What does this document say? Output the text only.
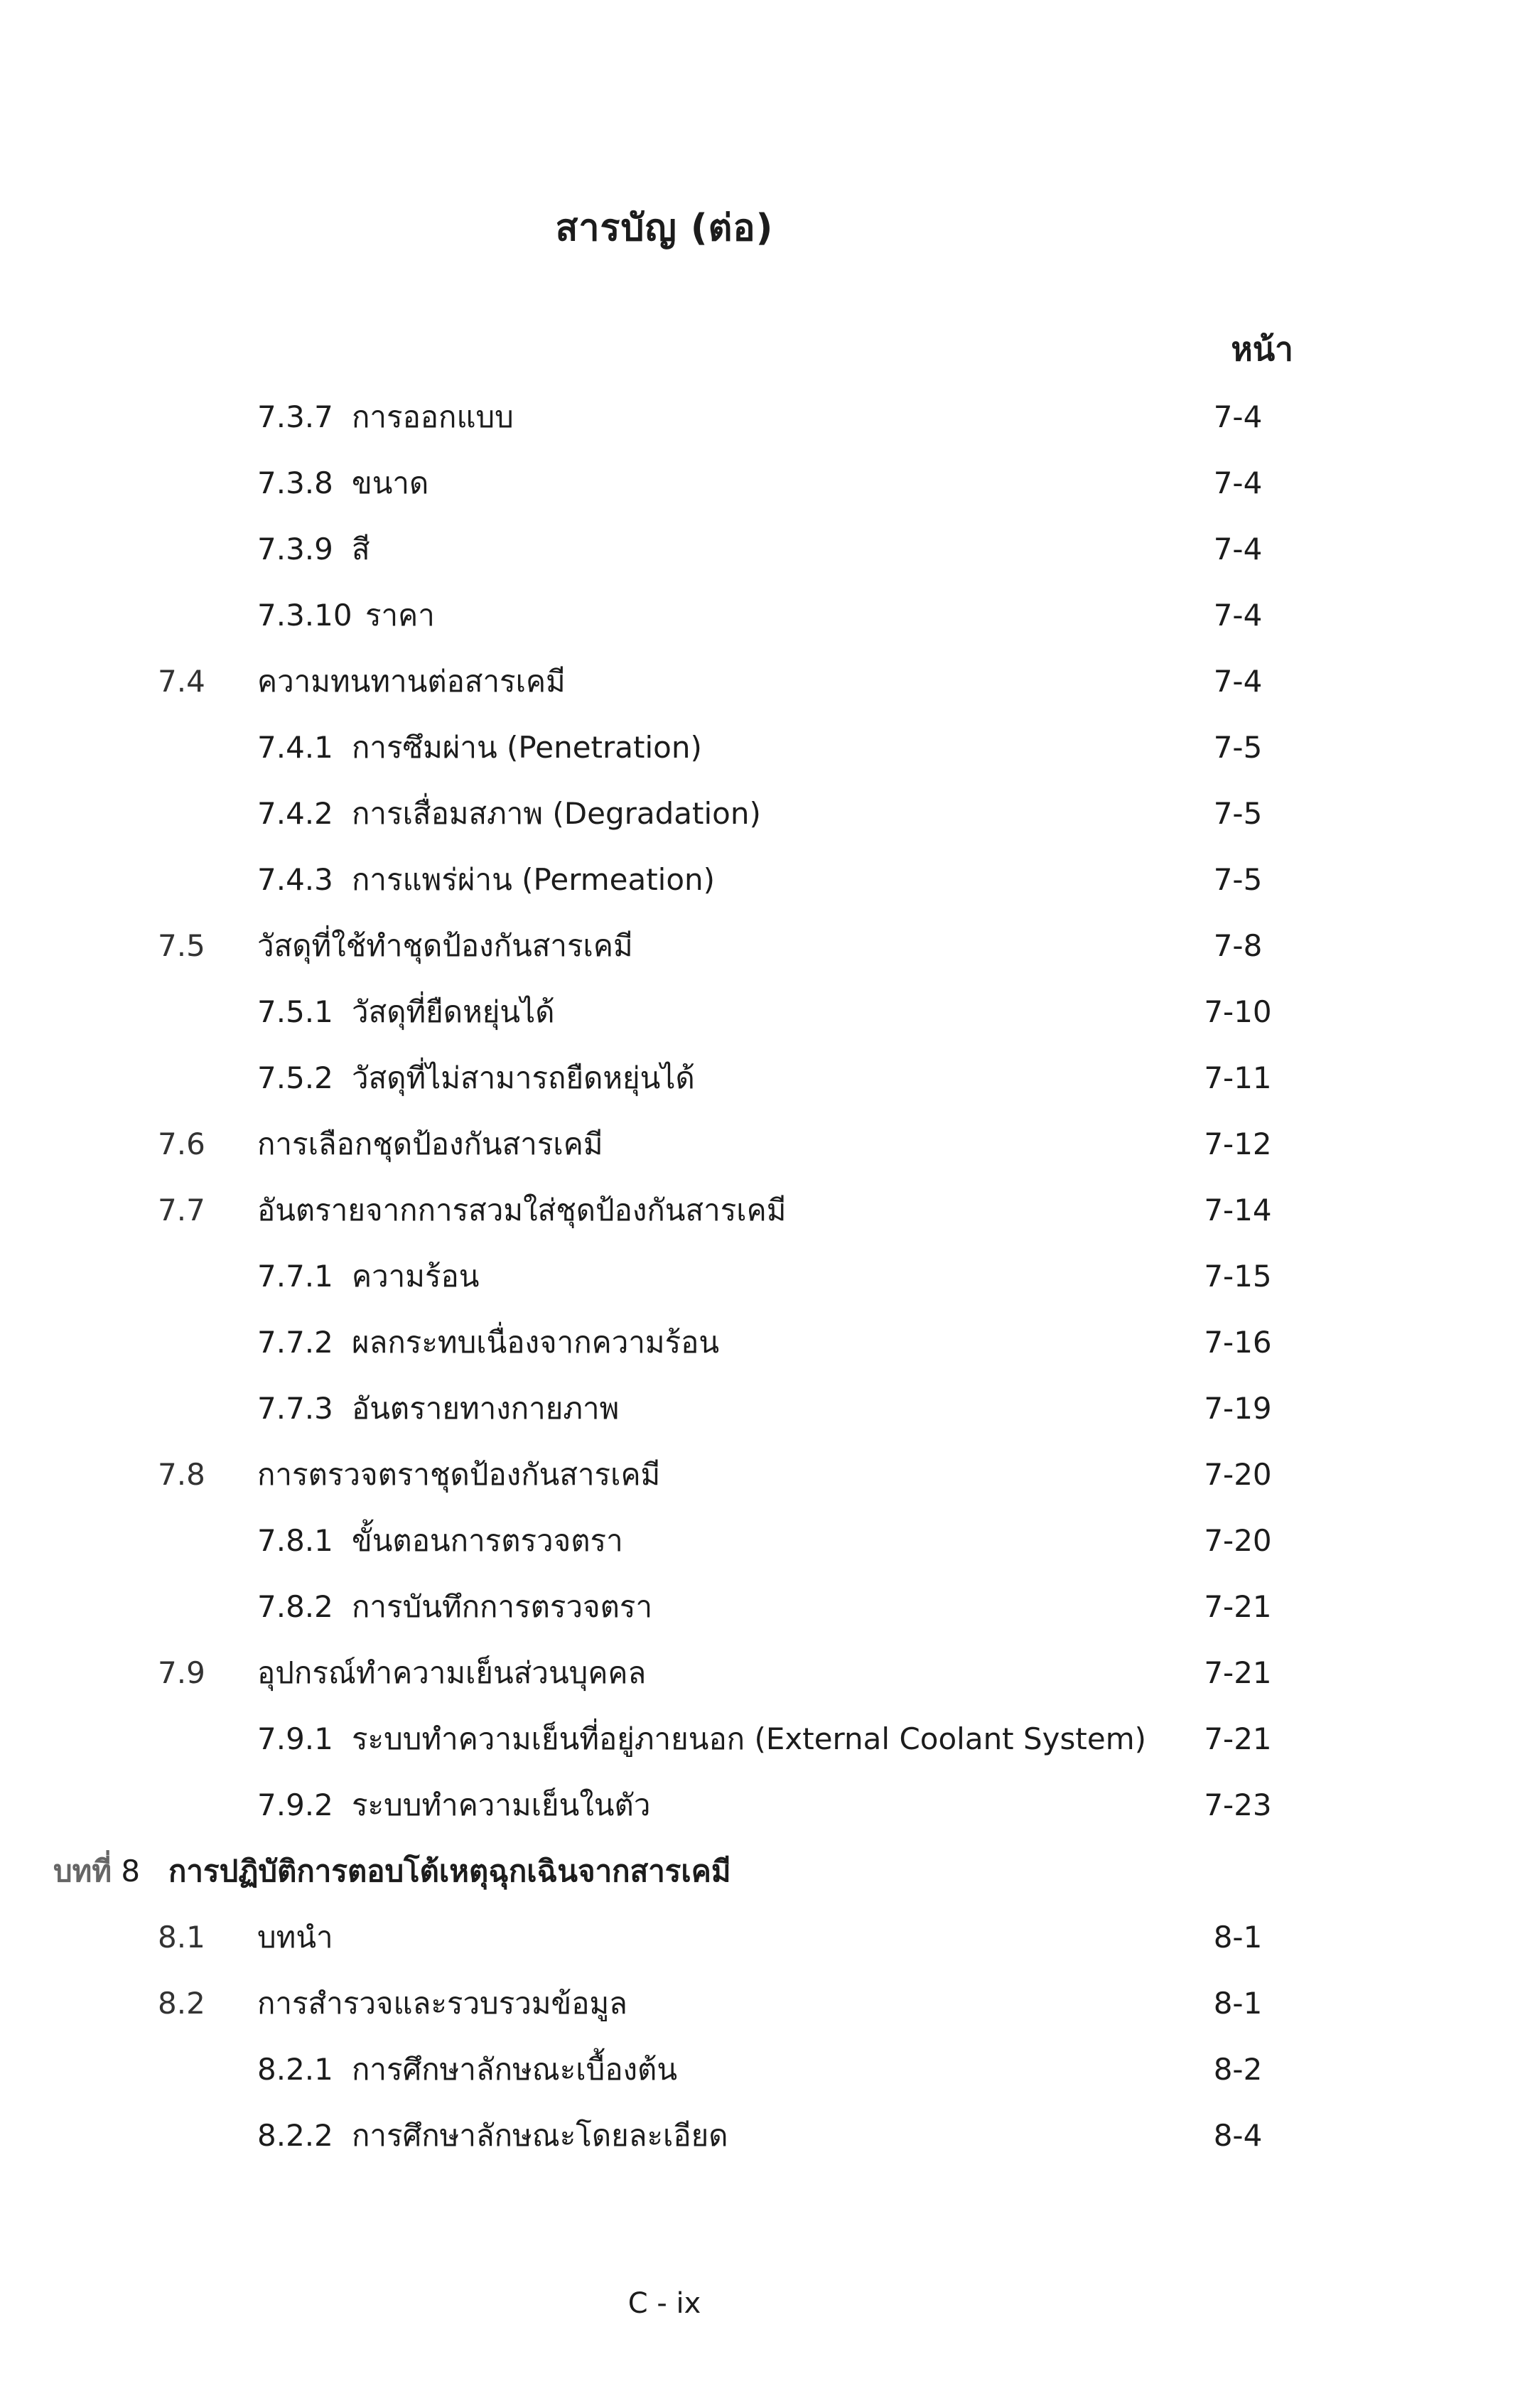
สารบัญ (ต่อ)
หน้า
7.3.7 การออกแบบ	7-4
7.3.8 ขนาด	7-4
7.3.9 สี	7-4
7.3.10 ราคา	7-4
7.4 ความทนทานต่อสารเคมี	7-4
7.4.1 การซึมผ่าน (Penetration)	7-5
7.4.2 การเสื่อมสภาพ (Degradation)	7-5
7.4.3 การแพร่ผ่าน (Permeation)	7-5
7.5 วัสดุที่ใช้ทำชุดป้องกันสารเคมี	7-8
7.5.1 วัสดุที่ยืดหยุ่นได้	7-10
7.5.2 วัสดุที่ไม่สามารถยืดหยุ่นได้	7-11
7.6 การเลือกชุดป้องกันสารเคมี	7-12
7.7 อันตรายจากการสวมใส่ชุดป้องกันสารเคมี	7-14
7.7.1 ความร้อน	7-15
7.7.2 ผลกระทบเนื่องจากความร้อน	7-16
7.7.3 อันตรายทางกายภาพ	7-19
7.8 การตรวจตราชุดป้องกันสารเคมี	7-20
7.8.1 ขั้นตอนการตรวจตรา	7-20
7.8.2 การบันทึกการตรวจตรา	7-21
7.9 อุปกรณ์ทำความเย็นส่วนบุคคล	7-21
7.9.1 ระบบทำความเย็นที่อยู่ภายนอก (External Coolant System)	7-21
7.9.2 ระบบทำความเย็นในตัว	7-23
บทที่ 8 การปฏิบัติการตอบโต้เหตุฉุกเฉินจากสารเคมี
8.1 บทนำ	8-1
8.2 การสำรวจและรวบรวมข้อมูล	8-1
8.2.1 การศึกษาลักษณะเบื้องต้น	8-2
8.2.2 การศึกษาลักษณะโดยละเอียด	8-4
C - ix
